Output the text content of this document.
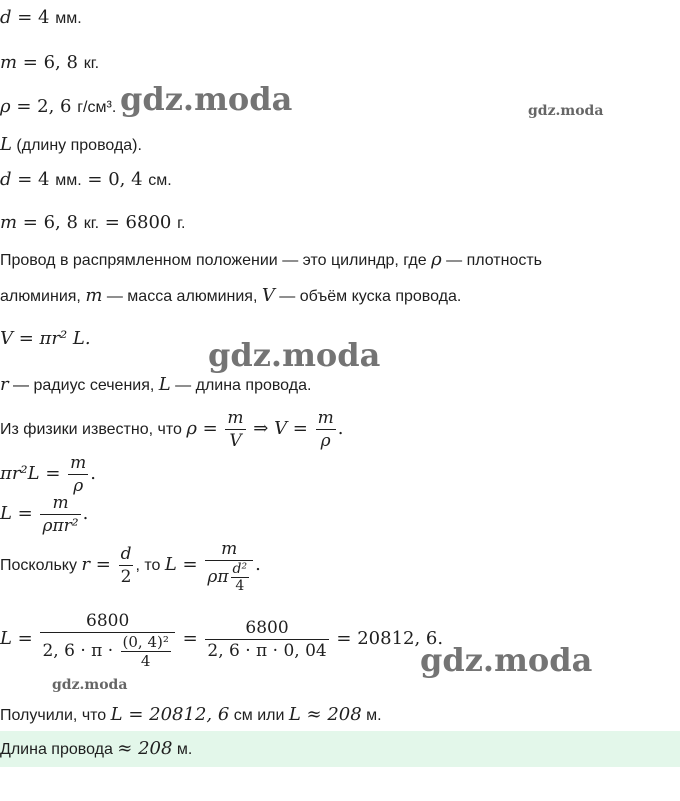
d = 4 мм.
m = 6, 8 кг.
ρ = 2, 6 г/см³. gdz.moda	gdz.moda
L (длину провода).
d = 4 мм. = 0, 4 см.
m = 6, 8 кг. = 6800 г.
Провод в распрямленном положении — это цилиндр, где ρ — плотность
алюминия, m — масса алюминия, V — объём куска провода.
V = πr² L.	gdz.moda
r — радиус сечения, L — длина провода.
Из физики известно, что $\rho = \frac{m}{V}$ ⇒ $V = \frac{m}{\rho}$ .
$\pi r^2L = \frac{m}{\rho}$ .
$L = \frac{m}{\text{ρπr²}}$ .
Поскольку $r = \frac{d}{2}$ , то $L = \frac{m}{\rho\pi \frac{\text{d²}}{4}}$ .
$L = \frac{6800}{2, 6 \cdot \pi \cdot \frac{\text{(0, 4)²}}{4}} = \frac{6800}{2, 6 \cdot \pi \cdot 0, 04} = 20812$, 6.
gdz.moda
gdz.moda
Получили, что L = 20812, 6 см или L ≈ 208 м.
Длина провода ≈ 208 м.
